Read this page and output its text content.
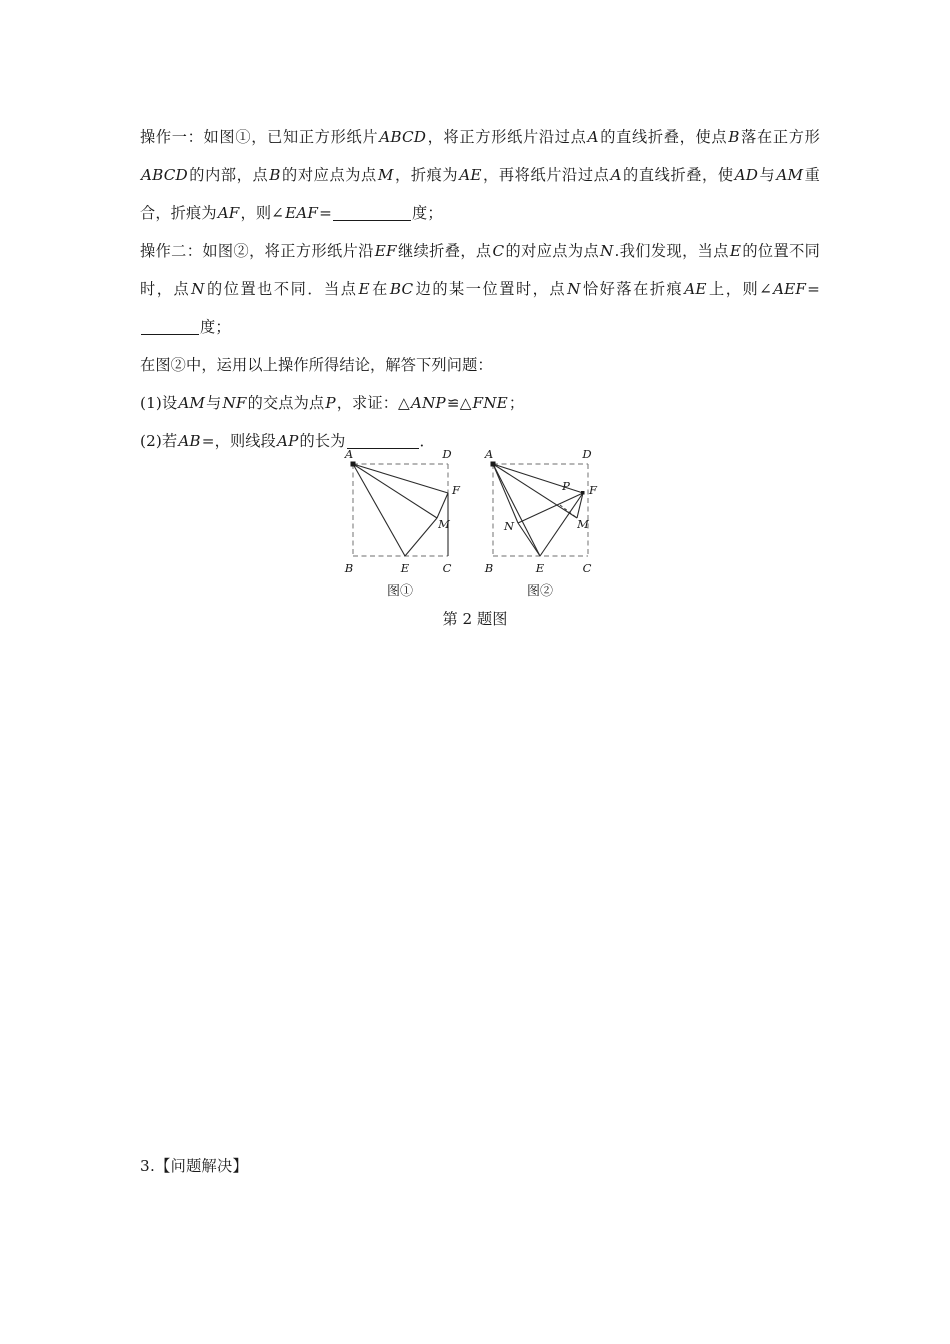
操作一：如图①，已知正方形纸片ABCD，将正方形纸片沿过点A的直线折叠，使点B落在正方形ABCD的内部，点B的对应点为点M，折痕为AE，再将纸片沿过点A的直线折叠，使AD与AM重合，折痕为AF，则∠EAF=	度；

操作二：如图②，将正方形纸片沿EF继续折叠，点C的对应点为点N.我们发现，当点E的位置不同时，点N的位置也不同．当点E在BC边的某一位置时，点N恰好落在折痕AE上，则∠AEF=度；

在图②中，运用以上操作所得结论，解答下列问题：

(1)设AM与NF的交点为点P，求证：△ANP≌△FNE；

(2)若AB=，则线段AP的长为	．

A	D
F
M
B	E	C
图①
A	D
F
P
M
N
B	E	C
图②
第 2 题图
3.【问题解决】
